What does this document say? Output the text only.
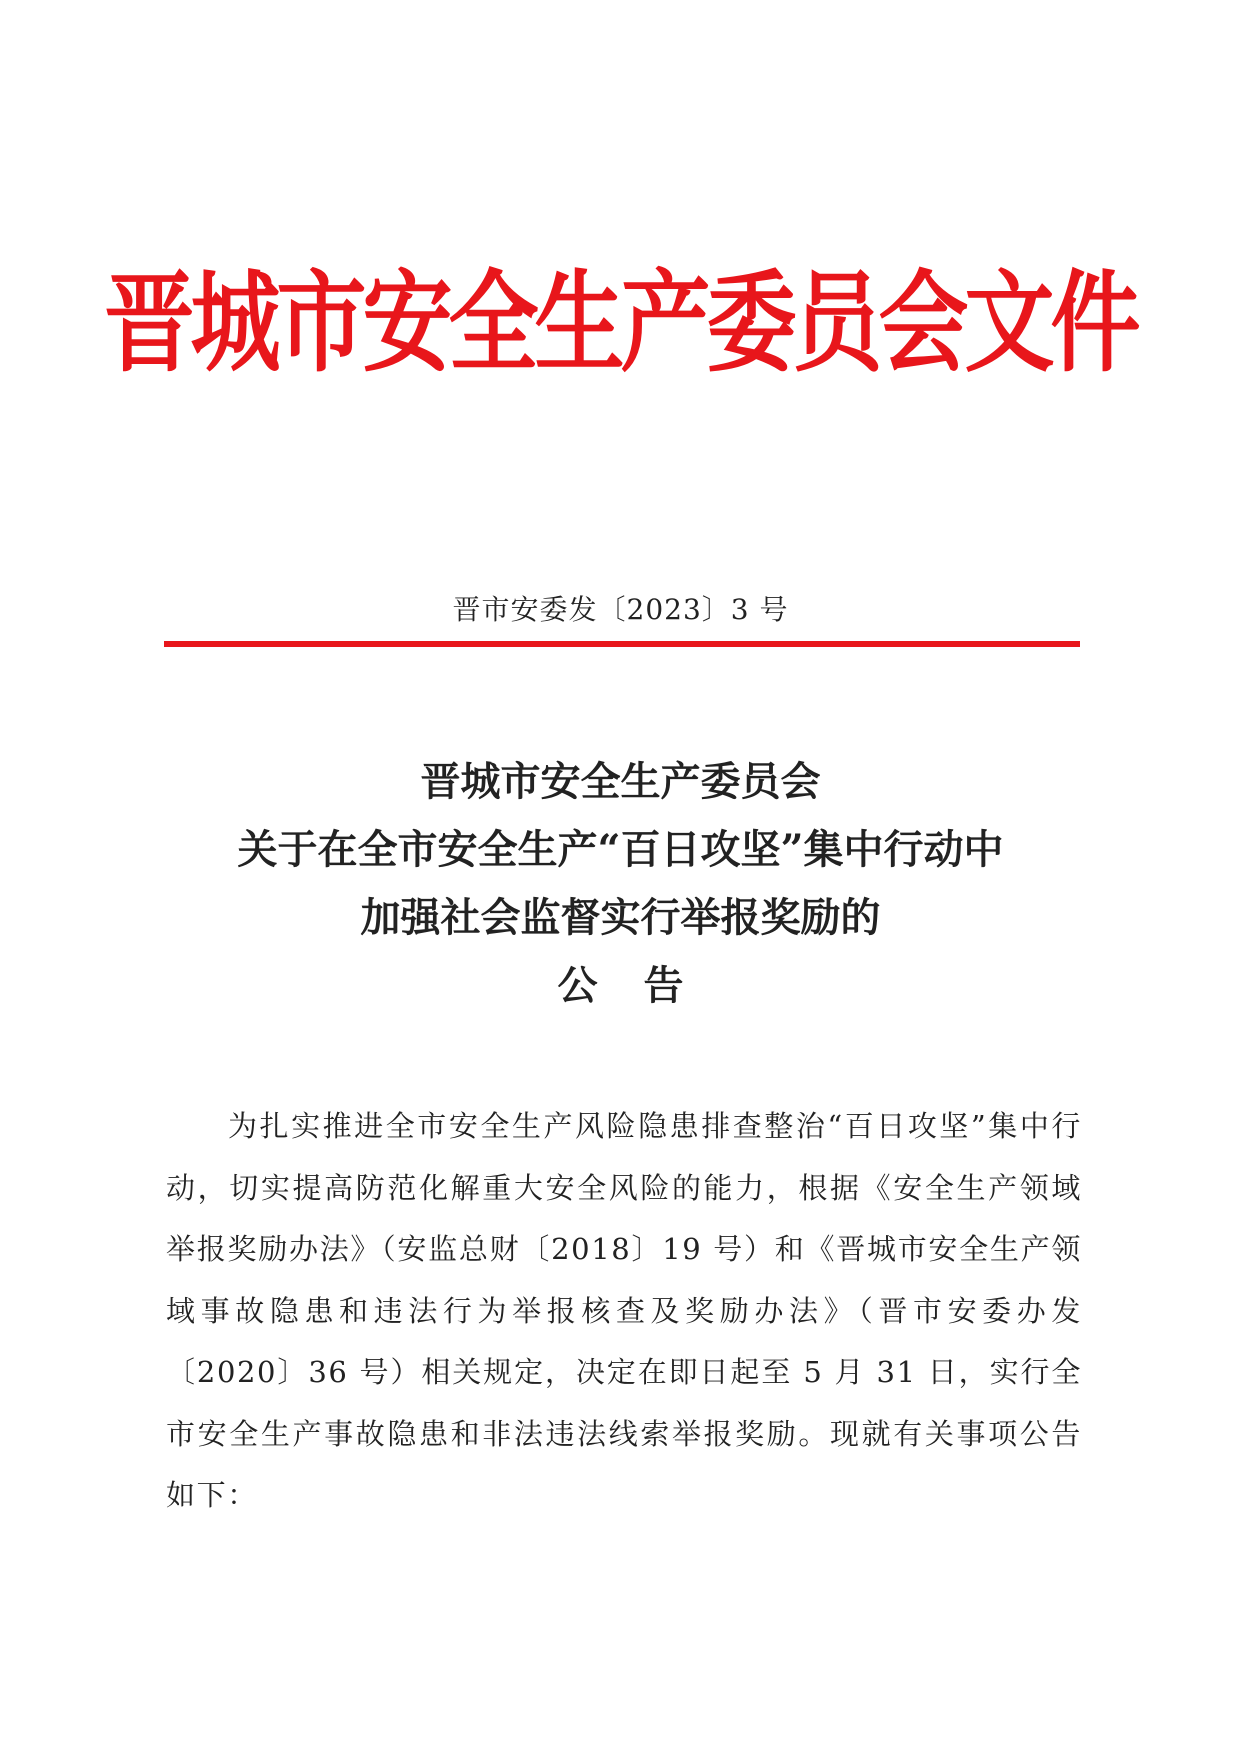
晋城市安全生产委员会文件
晋市安委发〔2023〕3 号
晋城市安全生产委员会
关于在全市安全生产“百日攻坚”集中行动中
加强社会监督实行举报奖励的
公告
为扎实推进全市安全生产风险隐患排查整治“百日攻坚”集中行动，切实提高防范化解重大安全风险的能力，根据《安全生产领域举报奖励办法》（安监总财〔2018〕19 号）和《晋城市安全生产领域事故隐患和违法行为举报核查及奖励办法》（晋市安委办发〔2020〕36 号）相关规定，决定在即日起至 5 月 31 日，实行全市安全生产事故隐患和非法违法线索举报奖励。现就有关事项公告如下：
